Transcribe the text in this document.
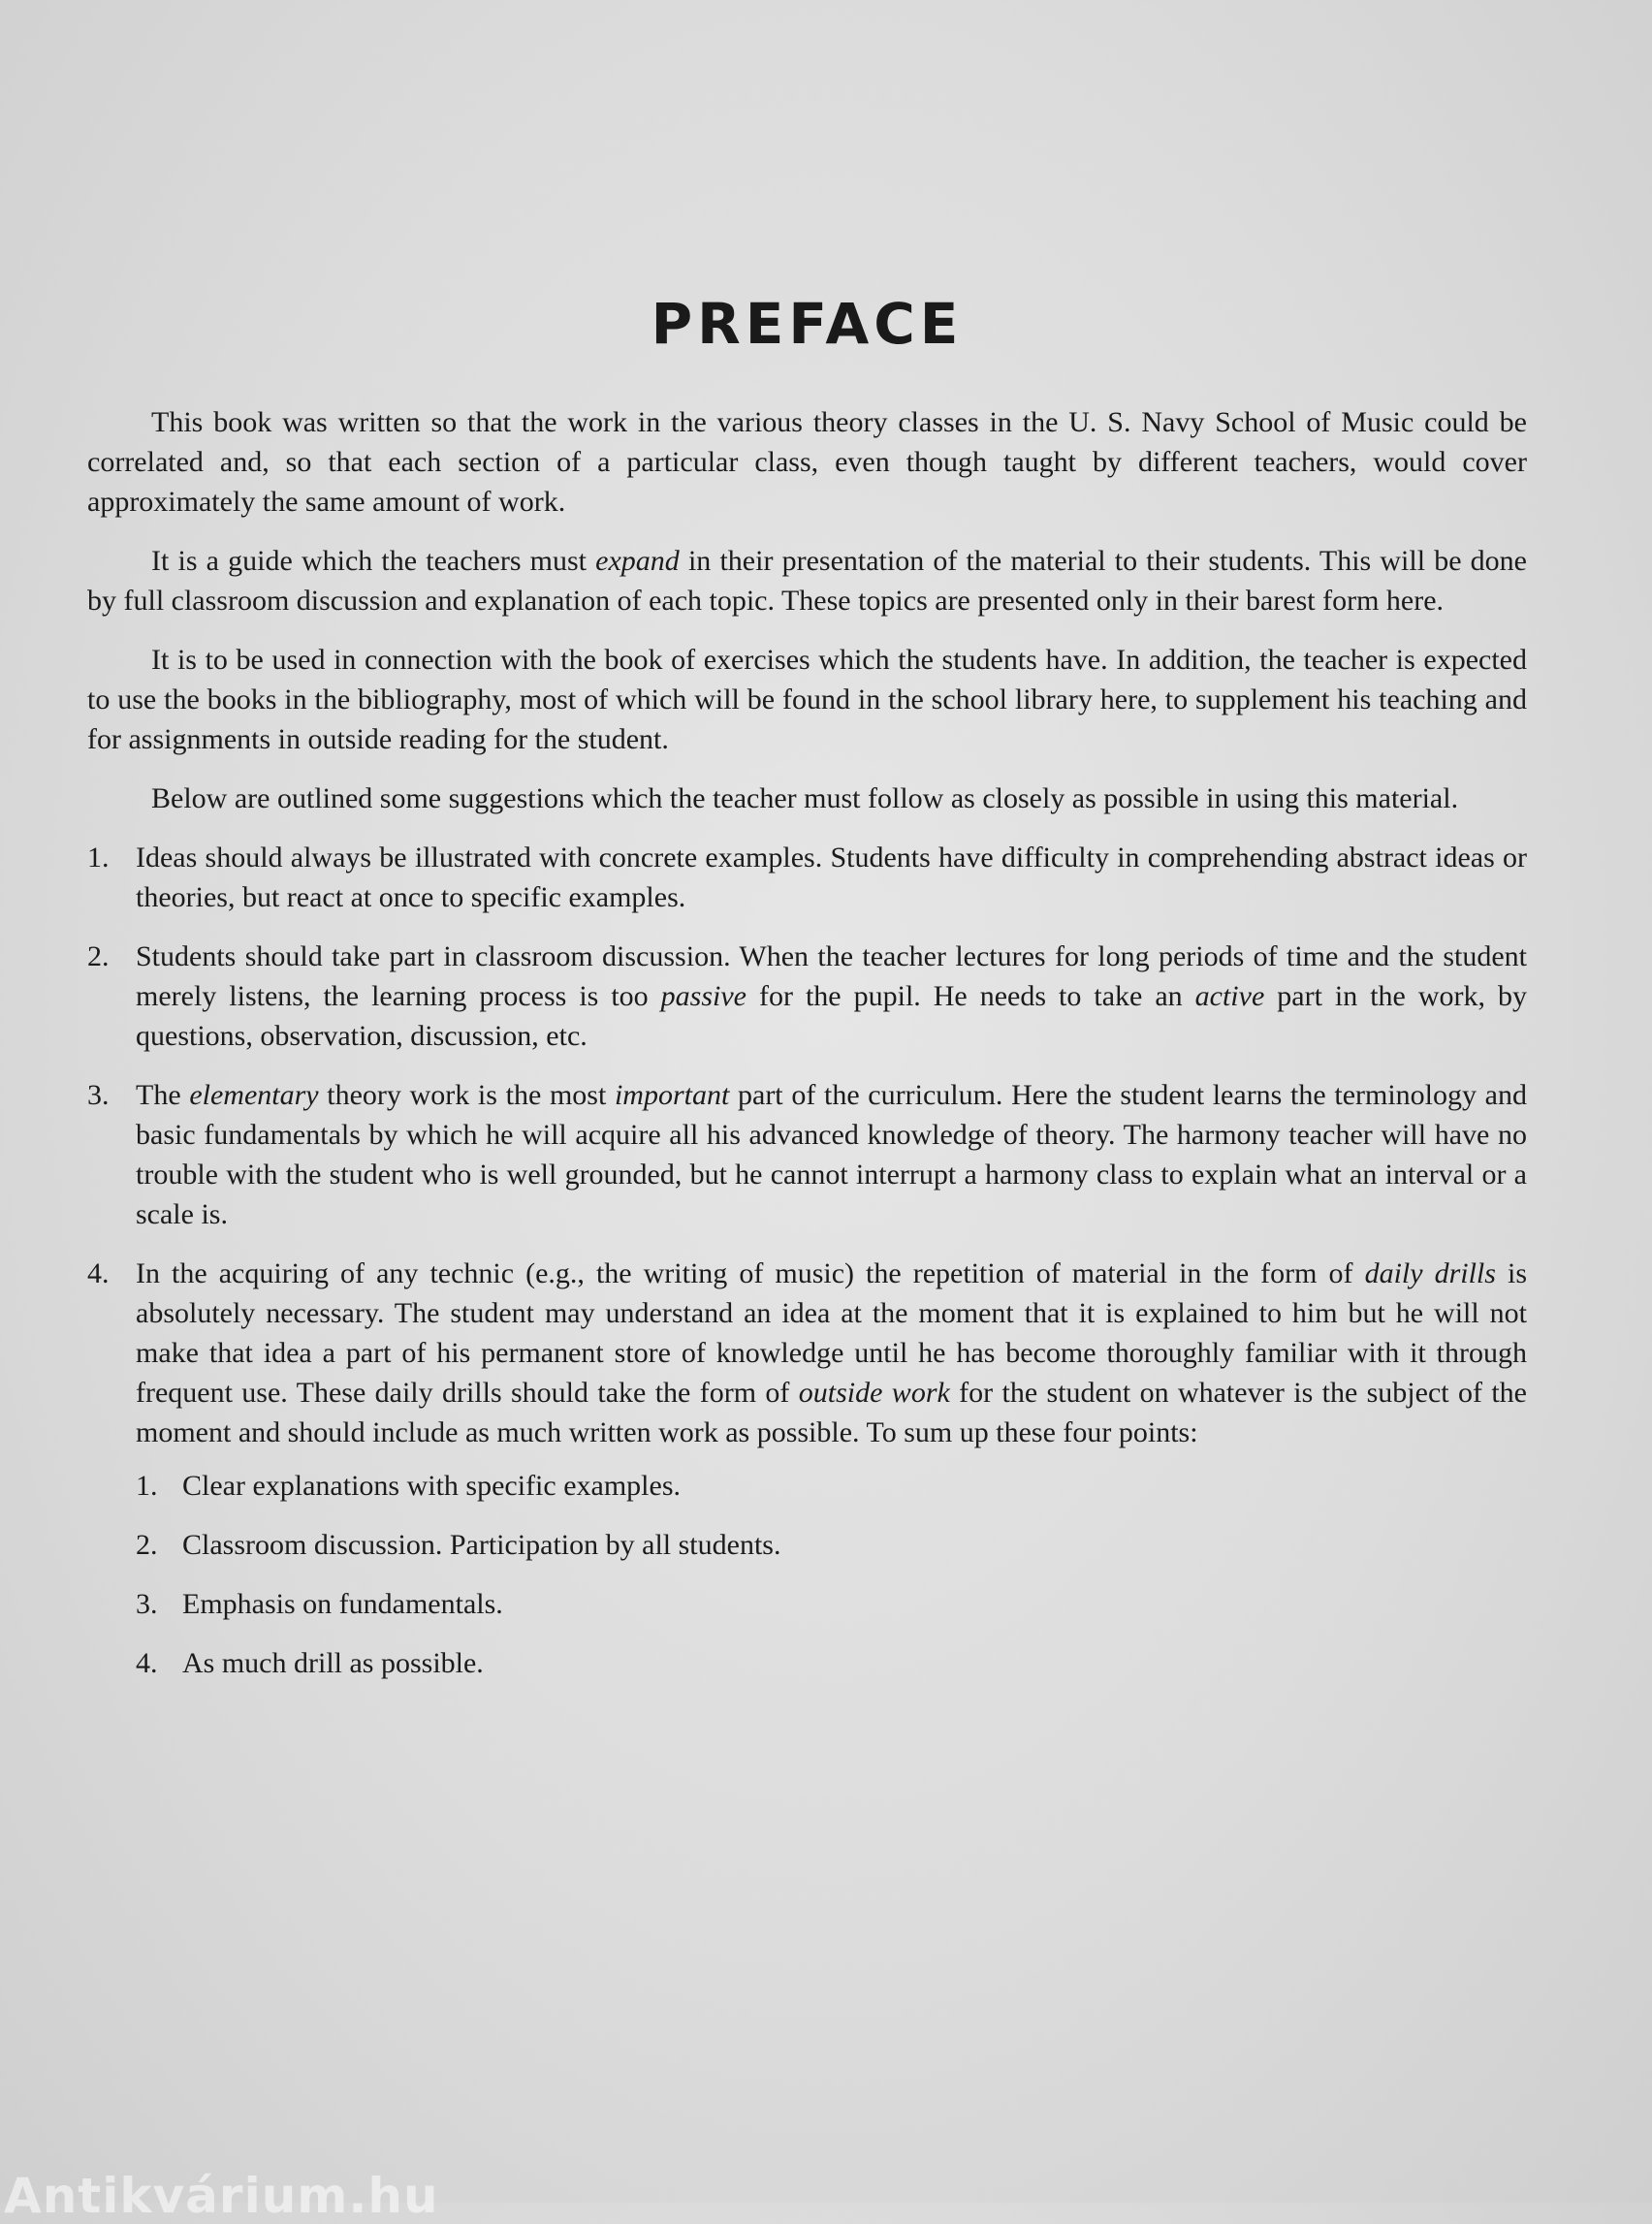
PREFACE

This book was written so that the work in the various theory classes in the U. S. Navy School of Music could be correlated and, so that each section of a particular class, even though taught by different teachers, would cover approximately the same amount of work.

It is a guide which the teachers must expand in their presentation of the material to their students. This will be done by full classroom discussion and explanation of each topic. These topics are presented only in their barest form here.

It is to be used in connection with the book of exercises which the students have. In addition, the teacher is expected to use the books in the bibliography, most of which will be found in the school library here, to supplement his teaching and for assignments in outside reading for the student.

Below are outlined some suggestions which the teacher must follow as closely as possible in using this material.

1. Ideas should always be illustrated with concrete examples. Students have difficulty in comprehending abstract ideas or theories, but react at once to specific examples.
2. Students should take part in classroom discussion. When the teacher lectures for long periods of time and the student merely listens, the learning process is too passive for the pupil. He needs to take an active part in the work, by questions, observation, discussion, etc.
3. The elementary theory work is the most important part of the curriculum. Here the student learns the terminology and basic fundamentals by which he will acquire all his advanced knowledge of theory. The harmony teacher will have no trouble with the student who is well grounded, but he cannot interrupt a harmony class to explain what an interval or a scale is.
4. In the acquiring of any technic (e.g., the writing of music) the repetition of material in the form of daily drills is absolutely necessary. The student may understand an idea at the moment that it is explained to him but he will not make that idea a part of his permanent store of knowledge until he has become thoroughly familiar with it through frequent use. These daily drills should take the form of outside work for the student on whatever is the subject of the moment and should include as much written work as possible. To sum up these four points:
1. Clear explanations with specific examples.
2. Classroom discussion. Participation by all students.
3. Emphasis on fundamentals.
4. As much drill as possible.
Antikvárium.hu
